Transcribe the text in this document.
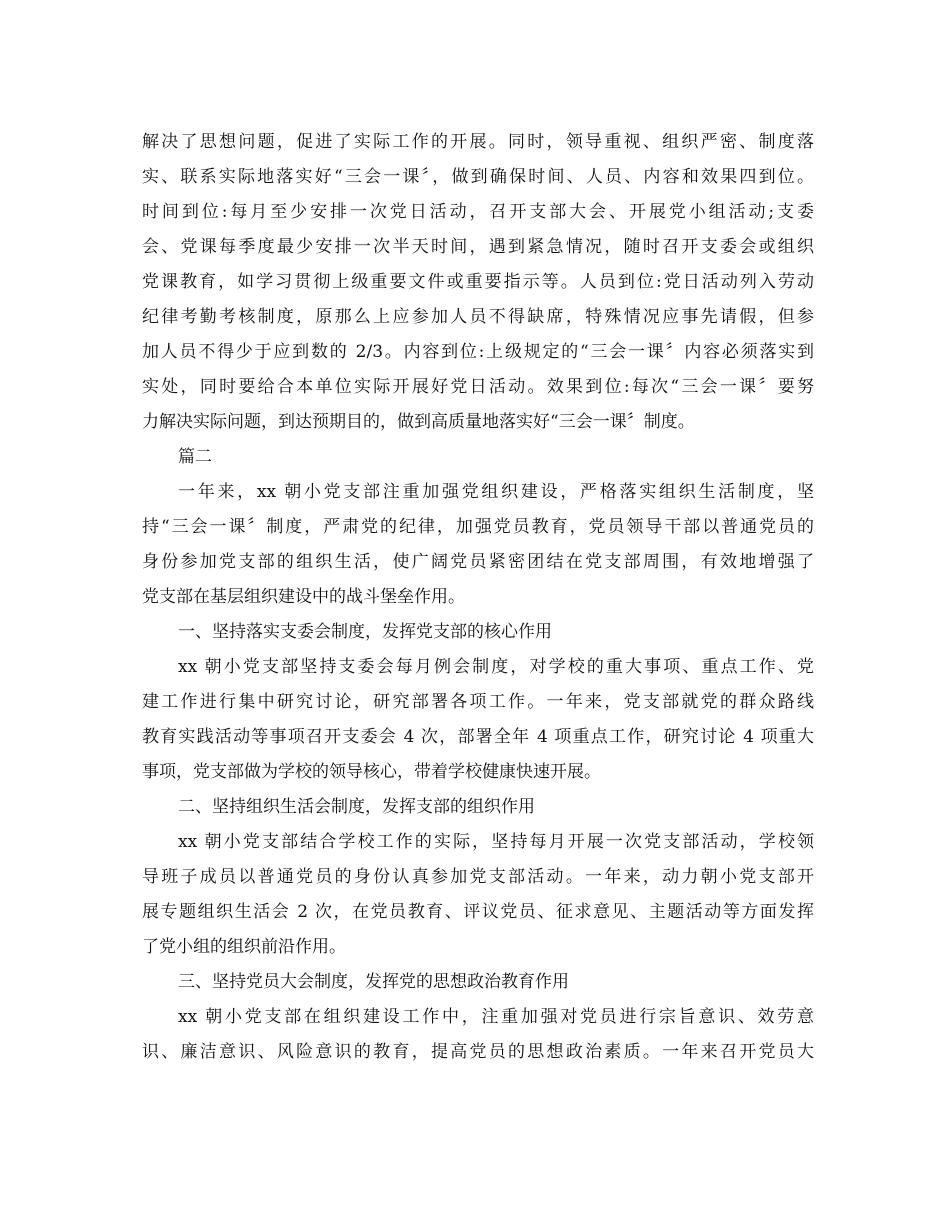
解决了思想问题，促进了实际工作的开展。同时，领导重视、组织严密、制度落
实、联系实际地落实好“三会一课〞，做到确保时间、人员、内容和效果四到位。
时间到位:每月至少安排一次党日活动，召开支部大会、开展党小组活动;支委
会、党课每季度最少安排一次半天时间，遇到紧急情况，随时召开支委会或组织
党课教育，如学习贯彻上级重要文件或重要指示等。人员到位:党日活动列入劳动
纪律考勤考核制度，原那么上应参加人员不得缺席，特殊情况应事先请假，但参
加人员不得少于应到数的 2/3。内容到位:上级规定的“三会一课〞内容必须落实到
实处，同时要给合本单位实际开展好党日活动。效果到位:每次“三会一课〞要努
力解决实际问题，到达预期目的，做到高质量地落实好“三会一课〞制度。
篇二
一年来，xx 朝小党支部注重加强党组织建设，严格落实组织生活制度，坚
持“三会一课〞制度，严肃党的纪律，加强党员教育，党员领导干部以普通党员的
身份参加党支部的组织生活，使广阔党员紧密团结在党支部周围，有效地增强了
党支部在基层组织建设中的战斗堡垒作用。
一、坚持落实支委会制度，发挥党支部的核心作用
xx 朝小党支部坚持支委会每月例会制度，对学校的重大事项、重点工作、党
建工作进行集中研究讨论，研究部署各项工作。一年来，党支部就党的群众路线
教育实践活动等事项召开支委会 4 次，部署全年 4 项重点工作，研究讨论 4 项重大
事项，党支部做为学校的领导核心，带着学校健康快速开展。
二、坚持组织生活会制度，发挥支部的组织作用
xx 朝小党支部结合学校工作的实际，坚持每月开展一次党支部活动，学校领
导班子成员以普通党员的身份认真参加党支部活动。一年来，动力朝小党支部开
展专题组织生活会 2 次，在党员教育、评议党员、征求意见、主题活动等方面发挥
了党小组的组织前沿作用。
三、坚持党员大会制度，发挥党的思想政治教育作用
xx 朝小党支部在组织建设工作中，注重加强对党员进行宗旨意识、效劳意
识、廉洁意识、风险意识的教育，提高党员的思想政治素质。一年来召开党员大
